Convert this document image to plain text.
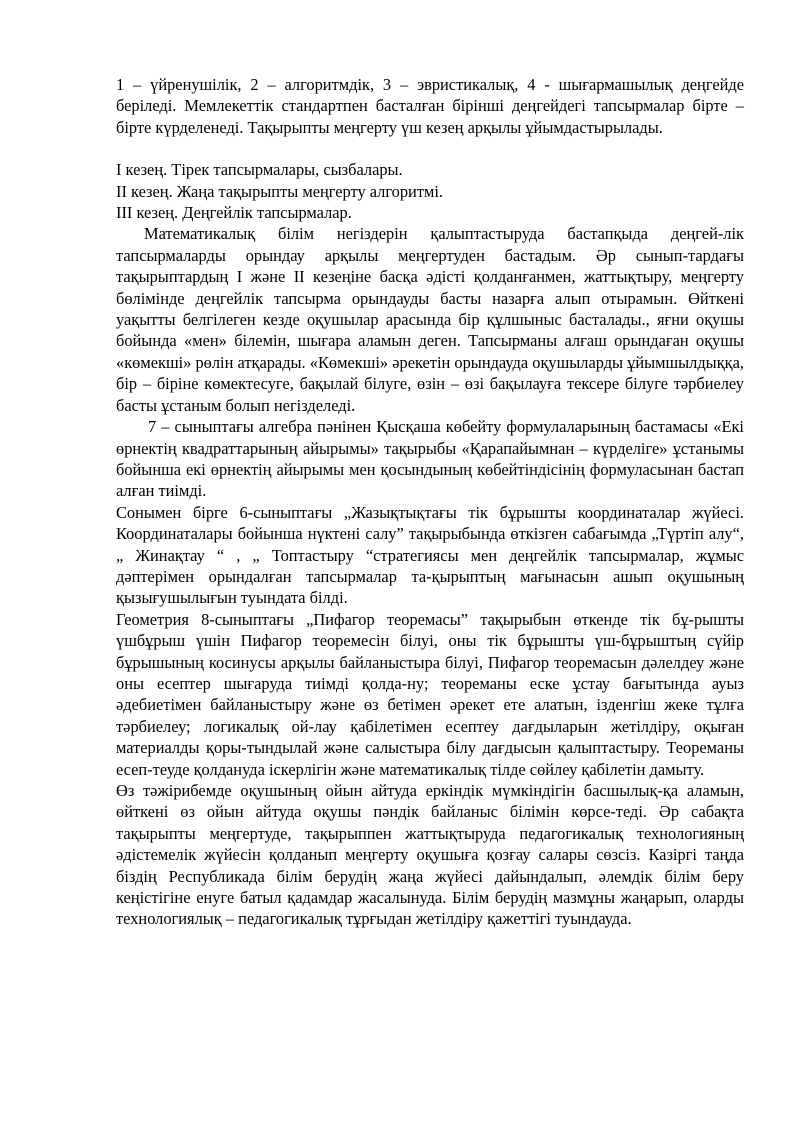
1 – үйренушілік, 2 – алгоритмдік, 3 – эвристикалық, 4 - шығармашылық деңгейде беріледі. Мемлекеттік стандартпен басталған бірінші деңгейдегі тапсырмалар бірте – бірте күрделенеді. Тақырыпты меңгерту үш кезең арқылы ұйымдастырылады.

I кезең. Тірек тапсырмалары, сызбалары.
II кезең. Жаңа тақырыпты меңгерту алгоритмі.
III кезең. Деңгейлік тапсырмалар.

Математикалық білім негіздерін қалыптастыруда бастапқыда деңгей-лік тапсырмаларды орындау арқылы меңгертуден бастадым. Әр сынып-тардағы тақырыптардың I және II кезеңіне басқа әдісті қолданғанмен, жаттықтыру, меңгерту бөлімінде деңгейлік тапсырма орындауды басты назарға алып отырамын. Өйткені уақытты белгілеген кезде оқушылар арасында бір құлшыныс басталады., яғни оқушы бойында «мен» білемін, шығара аламын деген. Тапсырманы алғаш орындаған оқушы «көмекші» рөлін атқарады. «Көмекші» әрекетін орындауда оқушыларды ұйымшылдыққа, бір – біріне көмектесуге, бақылай білуге, өзін – өзі бақылауға тексере білуге тәрбиелеу басты ұстаным болып негізделеді.

7 – сыныптағы алгебра пәнінен Қысқаша көбейту формулаларының бастамасы «Екі өрнектің квадраттарының айырымы» тақырыбы «Қарапайымнан – күрделіге» ұстанымы бойынша екі өрнектің айырымы мен қосындының көбейтіндісінің формуласынан бастап алған тиімді.

Сонымен бірге 6-сыныптағы „Жазықтықтағы тік бұрышты координаталар жүйесі. Координаталары бойынша нүктені салу” тақырыбында өткізген сабағымда „Түртіп алу“, „ Жинақтау “ , „ Топтастыру “стратегиясы мен деңгейлік тапсырмалар, жұмыс дәптерімен орындалған тапсырмалар та-қырыптың мағынасын ашып оқушының қызығушылығын туындата білді.

Геометрия 8-сыныптағы „Пифагор теоремасы” тақырыбын өткенде тік бұ-рышты үшбұрыш үшін Пифагор теоремесін білуі, оны тік бұрышты үш-бұрыштың сүйір бұрышының косинусы арқылы байланыстыра білуі, Пифагор теоремасын дәлелдеу және оны есептер шығаруда тиімді қолда-ну; теореманы еске ұстау бағытында ауыз әдебиетімен байланыстыру және өз бетімен әрекет ете алатын, ізденгіш жеке тұлға тәрбиелеу; логикалық ой-лау қабілетімен есептеу дағдыларын жетілдіру, оқыған материалды қоры-тындылай және салыстыра білу дағдысын қалыптастыру. Теореманы есеп-теуде қолдануда іскерлігін және математикалық тілде сөйлеу қабілетін дамыту.

Өз тәжірибемде оқушының ойын айтуда еркіндік мүмкіндігін басшылық-қа аламын, өйткені өз ойын айтуда оқушы пәндік байланыс білімін көрсе-теді. Әр сабақта тақырыпты меңгертуде, тақырыппен жаттықтыруда педагогикалық технологияның әдістемелік жүйесін қолданып меңгерту оқушыға қозғау салары сөзсіз. Казіргі таңда біздің Республикада білім берудің жаңа жүйесі дайындалып, әлемдік білім беру кеңістігіне енуге батыл қадамдар жасалынуда. Білім берудің мазмұны жаңарып, оларды технологиялық – педагогикалық тұрғыдан жетілдіру қажеттігі туындауда.
